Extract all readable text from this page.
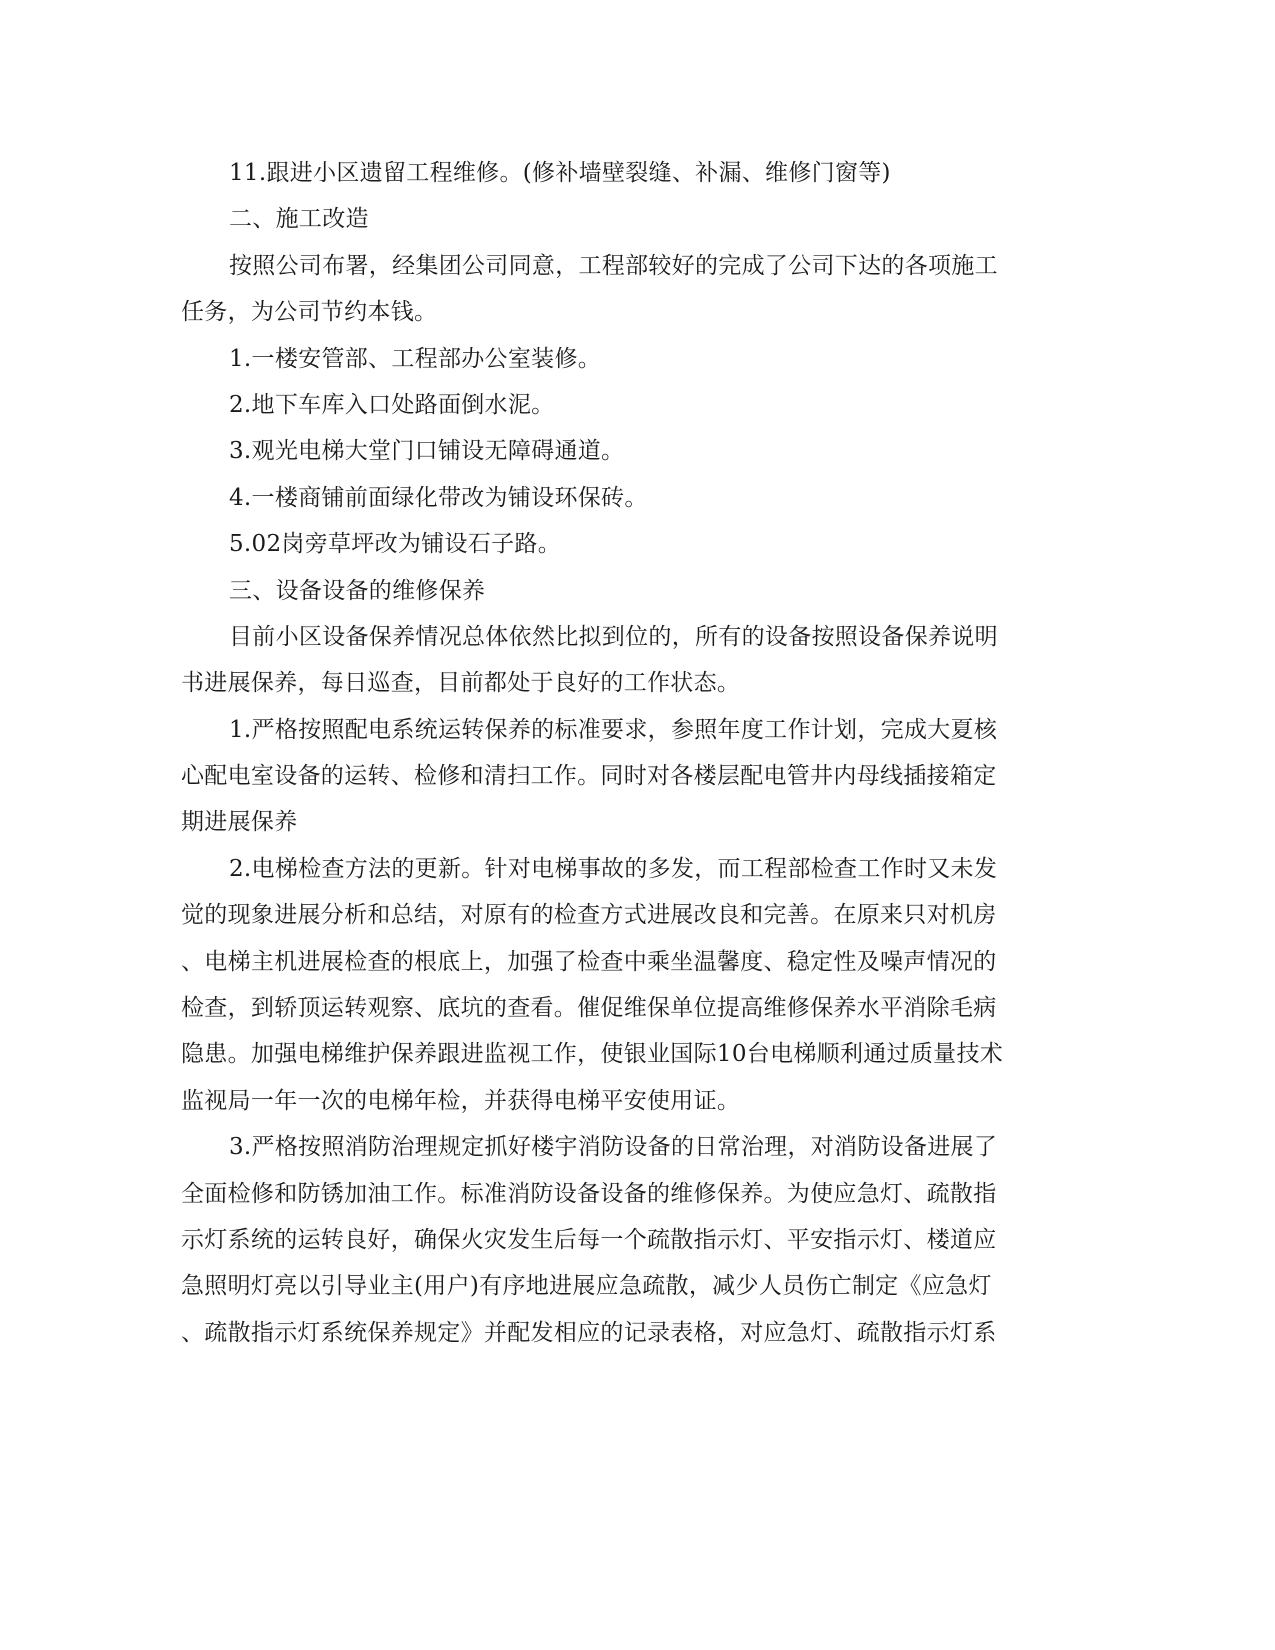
11.跟进小区遗留工程维修。(修补墙壁裂缝、补漏、维修门窗等)
二、施工改造
按照公司布署，经集团公司同意，工程部较好的完成了公司下达的各项施工
任务，为公司节约本钱。
1.一楼安管部、工程部办公室装修。
2.地下车库入口处路面倒水泥。
3.观光电梯大堂门口铺设无障碍通道。
4.一楼商铺前面绿化带改为铺设环保砖。
5.02岗旁草坪改为铺设石子路。
三、设备设备的维修保养
目前小区设备保养情况总体依然比拟到位的，所有的设备按照设备保养说明
书进展保养，每日巡查，目前都处于良好的工作状态。
1.严格按照配电系统运转保养的标准要求，参照年度工作计划，完成大夏核
心配电室设备的运转、检修和清扫工作。同时对各楼层配电管井内母线插接箱定
期进展保养
2.电梯检查方法的更新。针对电梯事故的多发，而工程部检查工作时又未发
觉的现象进展分析和总结，对原有的检查方式进展改良和完善。在原来只对机房
、电梯主机进展检查的根底上，加强了检查中乘坐温馨度、稳定性及噪声情况的
检查，到轿顶运转观察、底坑的查看。催促维保单位提高维修保养水平消除毛病
隐患。加强电梯维护保养跟进监视工作，使银业国际10台电梯顺利通过质量技术
监视局一年一次的电梯年检，并获得电梯平安使用证。
3.严格按照消防治理规定抓好楼宇消防设备的日常治理，对消防设备进展了
全面检修和防锈加油工作。标准消防设备设备的维修保养。为使应急灯、疏散指
示灯系统的运转良好，确保火灾发生后每一个疏散指示灯、平安指示灯、楼道应
急照明灯亮以引导业主(用户)有序地进展应急疏散，减少人员伤亡制定《应急灯
、疏散指示灯系统保养规定》并配发相应的记录表格，对应急灯、疏散指示灯系
